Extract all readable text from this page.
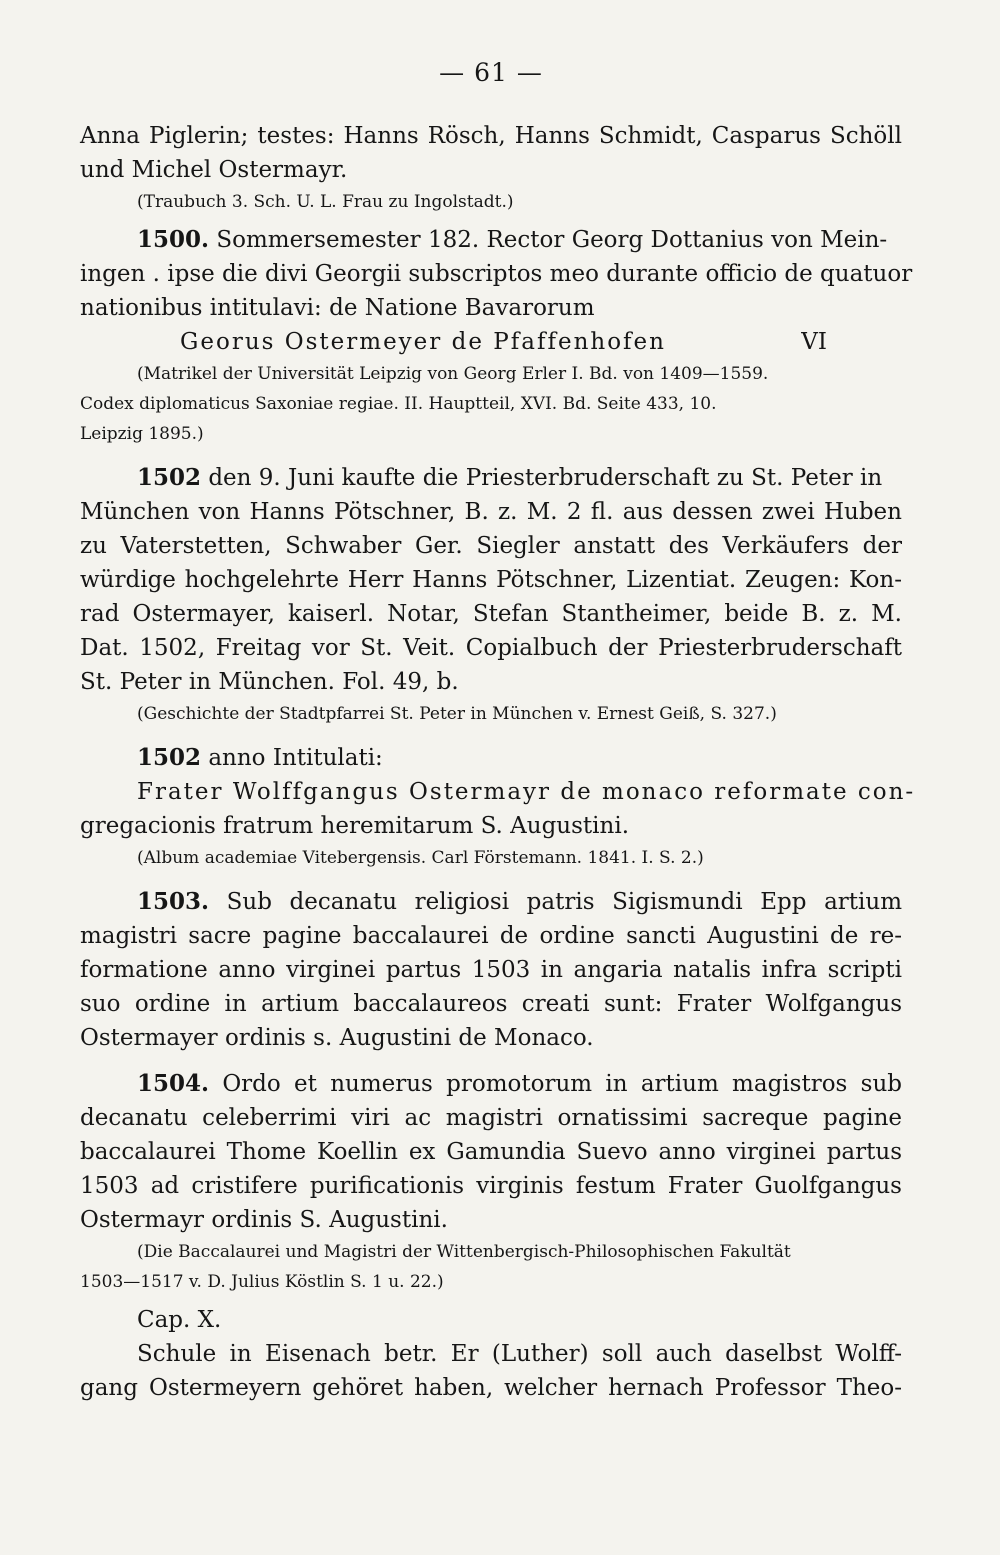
— 61 —
Anna Piglerin; testes: Hanns Rösch, Hanns Schmidt, Casparus Schöll
und Michel Ostermayr.
(Traubuch 3. Sch. U. L. Frau zu Ingolstadt.)
1500. Sommersemester 182. Rector Georg Dottanius von Mein-
ingen . ipse die divi Georgii subscriptos meo durante officio de quatuor
nationibus intitulavi: de Natione Bavarorum
Georus Ostermeyer de Pfaffenhofen	VI
(Matrikel der Universität Leipzig von Georg Erler I. Bd. von 1409—1559.
Codex diplomaticus Saxoniae regiae. II. Hauptteil, XVI. Bd. Seite 433, 10.
Leipzig 1895.)
1502 den 9. Juni kaufte die Priesterbruderschaft zu St. Peter in
München von Hanns Pötschner, B. z. M. 2 fl. aus dessen zwei Huben
zu Vaterstetten, Schwaber Ger. Siegler anstatt des Verkäufers der
würdige hochgelehrte Herr Hanns Pötschner, Lizentiat. Zeugen: Kon-
rad Ostermayer, kaiserl. Notar, Stefan Stantheimer, beide B. z. M.
Dat. 1502, Freitag vor St. Veit. Copialbuch der Priesterbruderschaft
St. Peter in München. Fol. 49, b.
(Geschichte der Stadtpfarrei St. Peter in München v. Ernest Geiß, S. 327.)
1502 anno Intitulati:
Frater Wolffgangus Ostermayr de monaco reformate con-
gregacionis fratrum heremitarum S. Augustini.
(Album academiae Vitebergensis. Carl Förstemann. 1841. I. S. 2.)
1503. Sub decanatu religiosi patris Sigismundi Epp artium
magistri sacre pagine baccalaurei de ordine sancti Augustini de re-
formatione anno virginei partus 1503 in angaria natalis infra scripti
suo ordine in artium baccalaureos creati sunt: Frater Wolfgangus
Ostermayer ordinis s. Augustini de Monaco.
1504. Ordo et numerus promotorum in artium magistros sub
decanatu celeberrimi viri ac magistri ornatissimi sacreque pagine
baccalaurei Thome Koellin ex Gamundia Suevo anno virginei partus
1503 ad cristifere purificationis virginis festum Frater Guolfgangus
Ostermayr ordinis S. Augustini.
(Die Baccalaurei und Magistri der Wittenbergisch-Philosophischen Fakultät
1503—1517 v. D. Julius Köstlin S. 1 u. 22.)
Cap. X.
Schule in Eisenach betr. Er (Luther) soll auch daselbst Wolff-
gang Ostermeyern gehöret haben, welcher hernach Professor Theo-
